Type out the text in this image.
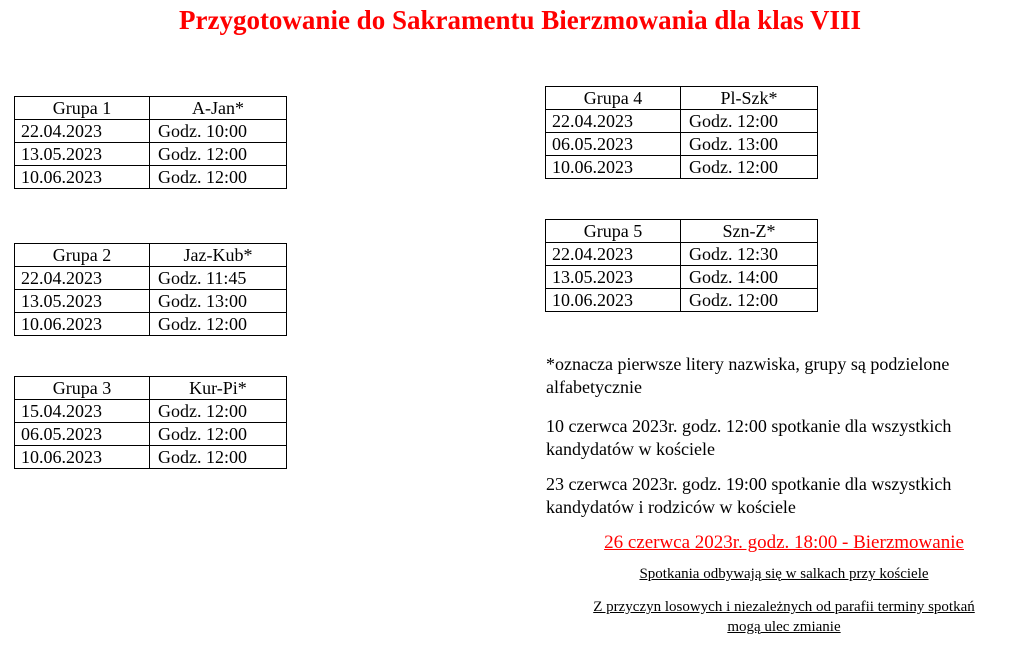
Przygotowanie do Sakramentu Bierzmowania dla klas VIII
Grupa 1	A-Jan*
22.04.2023	Godz. 10:00
13.05.2023	Godz. 12:00
10.06.2023	Godz. 12:00
Grupa 2	Jaz-Kub*
22.04.2023	Godz. 11:45
13.05.2023	Godz. 13:00
10.06.2023	Godz. 12:00
Grupa 3	Kur-Pi*
15.04.2023	Godz. 12:00
06.05.2023	Godz. 12:00
10.06.2023	Godz. 12:00
Grupa 4	Pl-Szk*
22.04.2023	Godz. 12:00
06.05.2023	Godz. 13:00
10.06.2023	Godz. 12:00
Grupa 5	Szn-Z*
22.04.2023	Godz. 12:30
13.05.2023	Godz. 14:00
10.06.2023	Godz. 12:00
*oznacza pierwsze litery nazwiska, grupy są podzielone
alfabetycznie
10 czerwca 2023r. godz. 12:00 spotkanie dla wszystkich
kandydatów w kościele
23 czerwca 2023r. godz. 19:00 spotkanie dla wszystkich
kandydatów i rodziców w kościele
26 czerwca 2023r. godz. 18:00 - Bierzmowanie
Spotkania odbywają się w salkach przy kościele
Z przyczyn losowych i niezależnych od parafii terminy spotkań
mogą ulec zmianie
